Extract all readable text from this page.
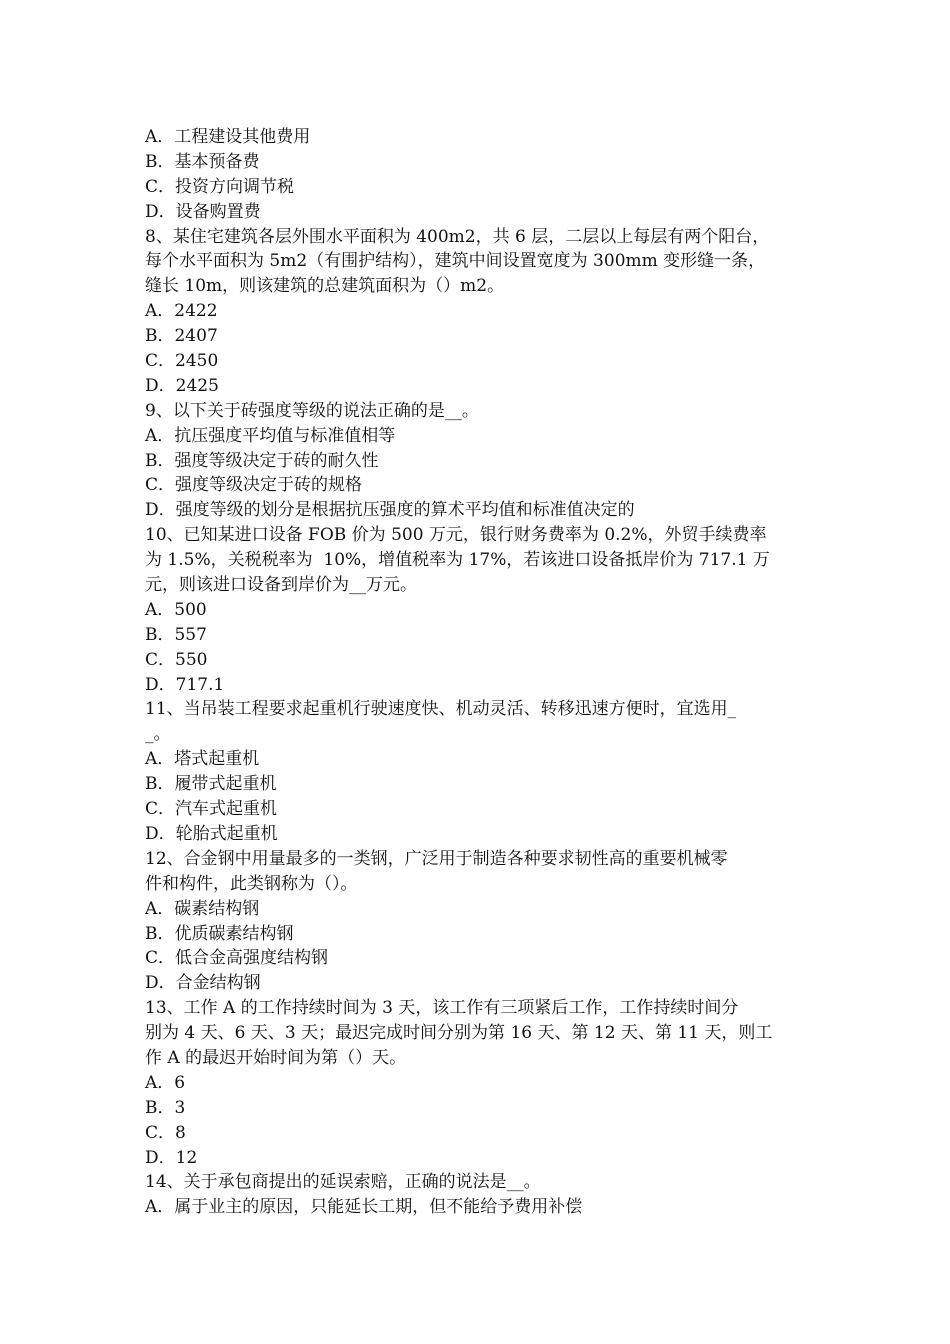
A．工程建设其他费用
B．基本预备费
C．投资方向调节税
D．设备购置费
8、某住宅建筑各层外围水平面积为 400m2，共 6 层，二层以上每层有两个阳台，
每个水平面积为 5m2（有围护结构），建筑中间设置宽度为 300mm 变形缝一条，
缝长 10m，则该建筑的总建筑面积为（）m2。
A．2422
B．2407
C．2450
D．2425
9、以下关于砖强度等级的说法正确的是__。
A．抗压强度平均值与标准值相等
B．强度等级决定于砖的耐久性
C．强度等级决定于砖的规格
D．强度等级的划分是根据抗压强度的算术平均值和标准值决定的
10、已知某进口设备 FOB 价为 500 万元，银行财务费率为 0.2%，外贸手续费率
为 1.5%，关税税率为  10%，增值税率为 17%，若该进口设备抵岸价为 717.1 万
元，则该进口设备到岸价为__万元。
A．500
B．557
C．550
D．717.1
11、当吊装工程要求起重机行驶速度快、机动灵活、转移迅速方便时，宜选用_
_。
A．塔式起重机
B．履带式起重机
C．汽车式起重机
D．轮胎式起重机
12、合金钢中用量最多的一类钢，广泛用于制造各种要求韧性高的重要机械零
件和构件，此类钢称为（）。
A．碳素结构钢
B．优质碳素结构钢
C．低合金高强度结构钢
D．合金结构钢
13、工作 A 的工作持续时间为 3 天，该工作有三项紧后工作，工作持续时间分
别为 4 天、6 天、3 天；最迟完成时间分别为第 16 天、第 12 天、第 11 天，则工
作 A 的最迟开始时间为第（）天。
A．6
B．3
C．8
D．12
14、关于承包商提出的延误索赔，正确的说法是__。
A．属于业主的原因，只能延长工期，但不能给予费用补偿
